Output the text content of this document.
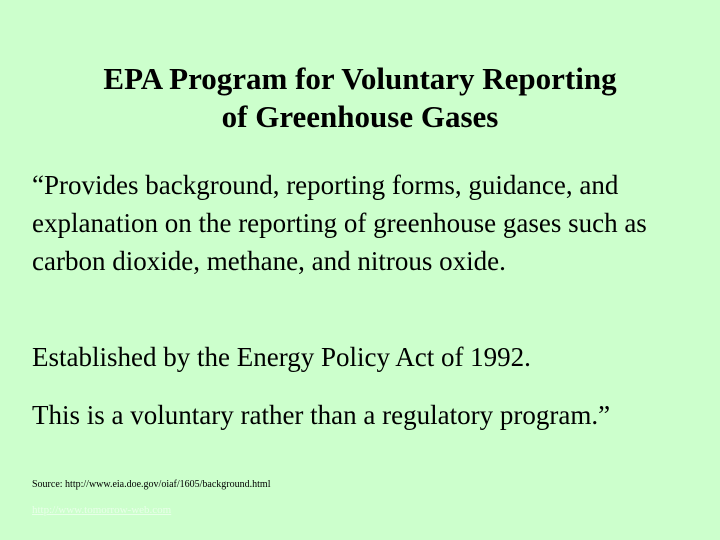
EPA Program for Voluntary Reporting
of Greenhouse Gases

“Provides background, reporting forms, guidance, and explanation on the reporting of greenhouse gases such as carbon dioxide, methane, and nitrous oxide.

Established by the Energy Policy Act of 1992.

This is a voluntary rather than a regulatory program.”

Source: http://www.eia.doe.gov/oiaf/1605/background.html

http://www.tomorrow-web.com
